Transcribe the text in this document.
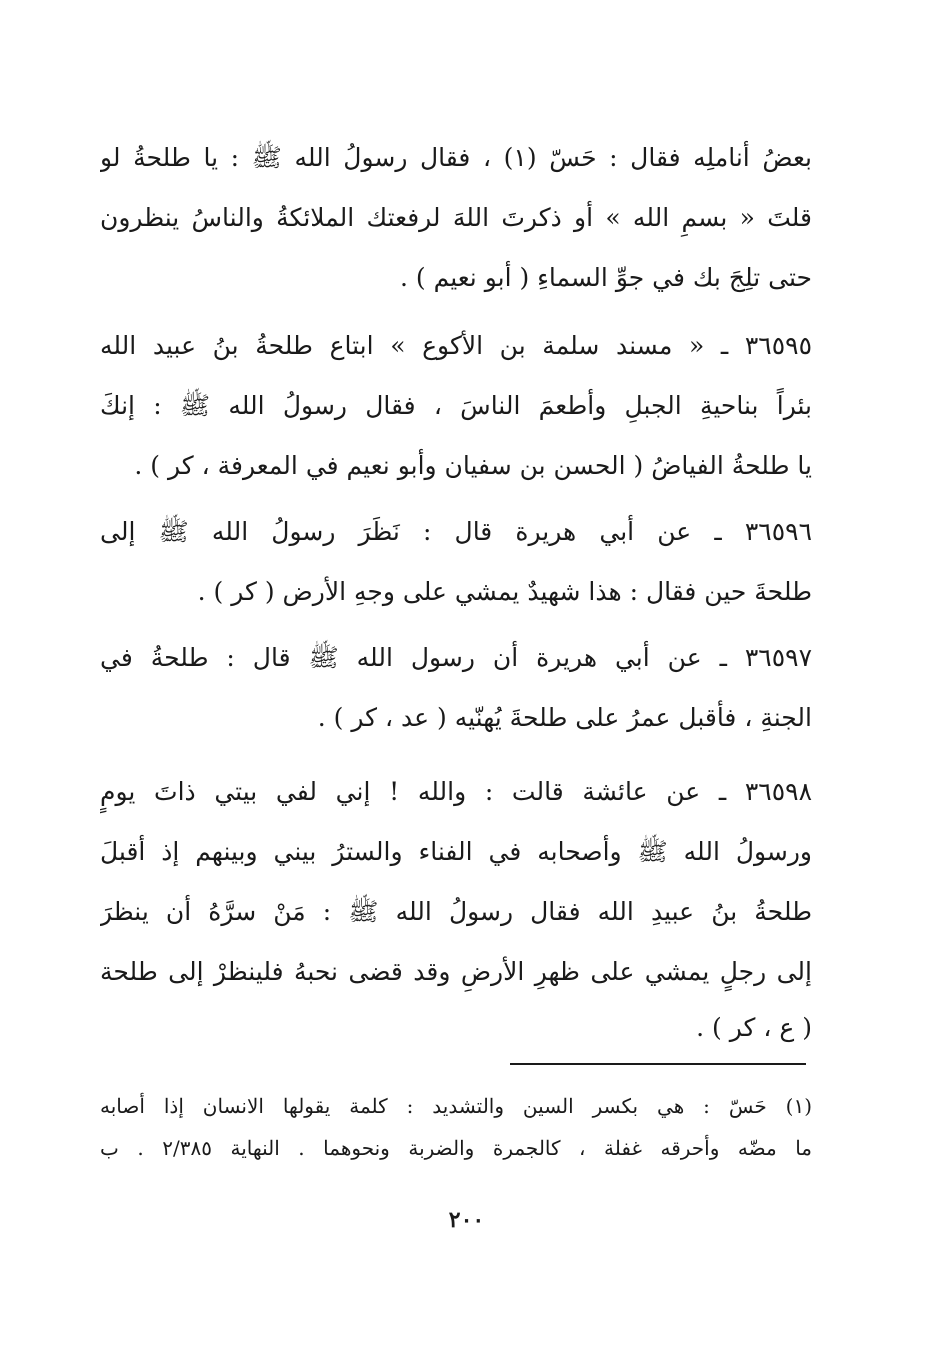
بعضُ أناملِه فقال : حَسّ (١) ، فقال رسولُ الله ﷺ : يا طلحةُ لو
قلتَ « بسمِ الله » أو ذكرتَ اللهَ لرفعتك الملائكةُ والناسُ ينظرون
حتى تلِجَ بك في جوِّ السماءِ ( أبو نعيم ) .
٣٦٥٩٥ ـ « مسند سلمة بن الأكوع » ابتاع طلحةُ بنُ عبيد الله
بئراً بناحيةِ الجبلِ وأطعمَ الناسَ ، فقال رسولُ الله ﷺ : إنكَ
يا طلحةُ الفياضُ ( الحسن بن سفيان وأبو نعيم في المعرفة ، كر ) .
٣٦٥٩٦ ـ عن أبي هريرة قال : نَظَرَ رسولُ الله ﷺ إلى
طلحةَ حين فقال : هذا شهيدٌ يمشي على وجهِ الأرض ( كر ) .
٣٦٥٩٧ ـ عن أبي هريرة أن رسول الله ﷺ قال : طلحةُ في
الجنةِ ، فأقبل عمرُ على طلحةَ يُهنّيه ( عد ، كر ) .
٣٦٥٩٨ ـ عن عائشة قالت : والله ! إني لفي بيتي ذاتَ يومٍ
ورسولُ الله ﷺ وأصحابه في الفناء والسترُ بيني وبينهم إذ أقبلَ
طلحةُ بنُ عبيدِ الله فقال رسولُ الله ﷺ : مَنْ سرَّهُ أن ينظرَ
إلى رجلٍ يمشي على ظهرِ الأرضِ وقد قضى نحبهُ فلينظرْ إلى طلحة
( ع ، كر ) .
(١) حَسّ : هي بكسر السين والتشديد : كلمة يقولها الانسان إذا أصابه
ما مضّه وأحرقه غفلة ، كالجمرة والضربة ونحوهما . النهاية ٢/٣٨٥ . ب
٢٠٠
